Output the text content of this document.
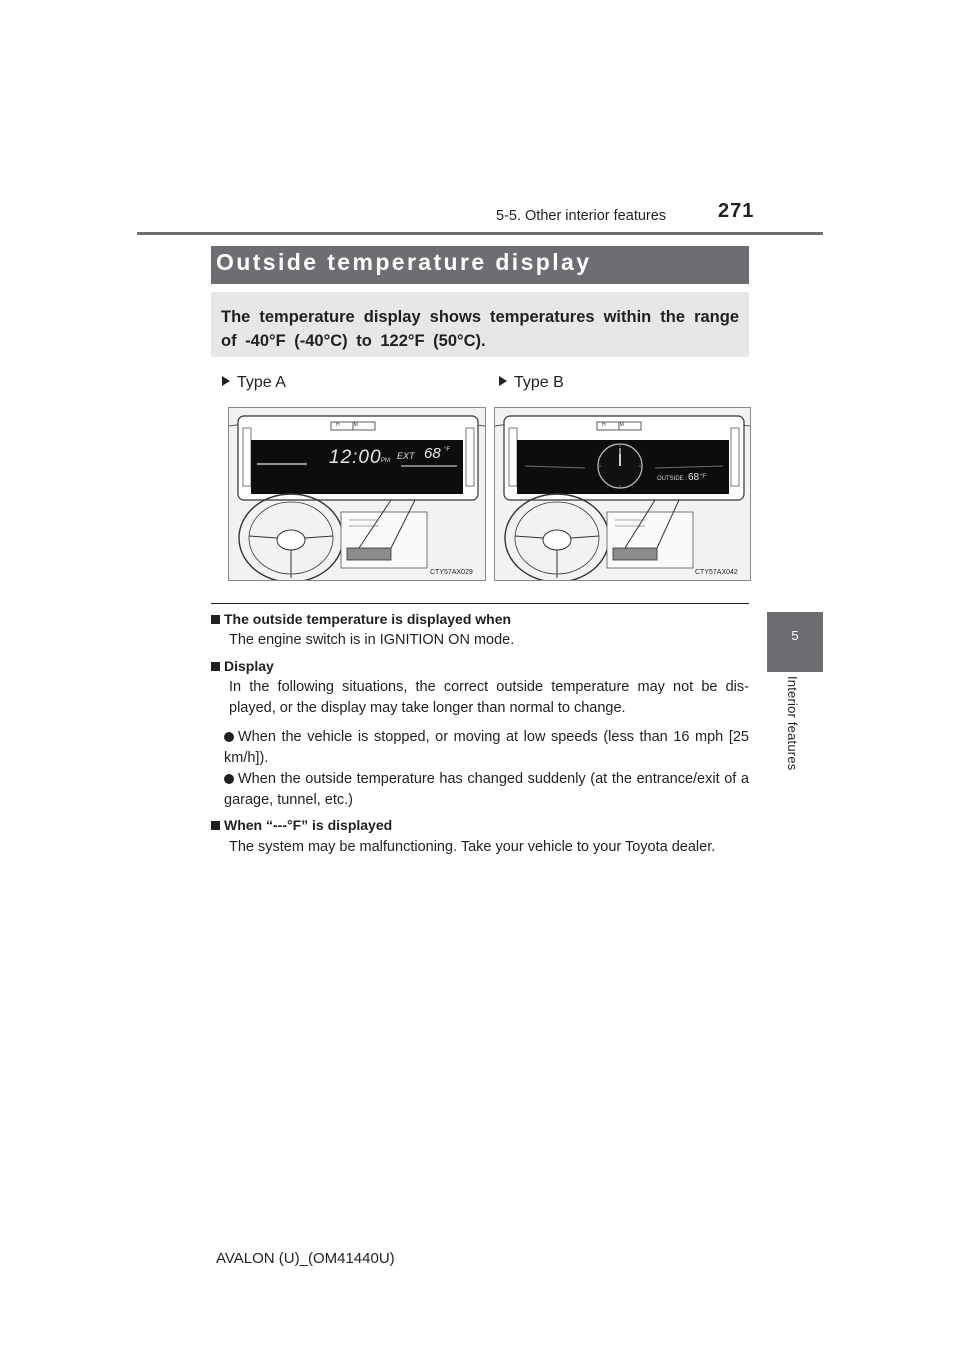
5-5. Other interior features	271
5
Interior features
Outside temperature display
The temperature display shows temperatures within the range of -40°F (-40°C) to 122°F (50°C).
Type A	Type B
12:00 PM EXT 68 °F
HM
CTY57AX029
OUTSIDE : 68 °F
HM
CTY57AX042
The outside temperature is displayed when
The engine switch is in IGNITION ON mode.
Display
In the following situations, the correct outside temperature may not be dis-
played, or the display may take longer than normal to change.
When the vehicle is stopped, or moving at low speeds (less than 16 mph [25 km/h]).
When the outside temperature has changed suddenly (at the entrance/exit of a garage, tunnel, etc.)
When “---°F” is displayed
The system may be malfunctioning. Take your vehicle to your Toyota dealer.
AVALON (U)_(OM41440U)
